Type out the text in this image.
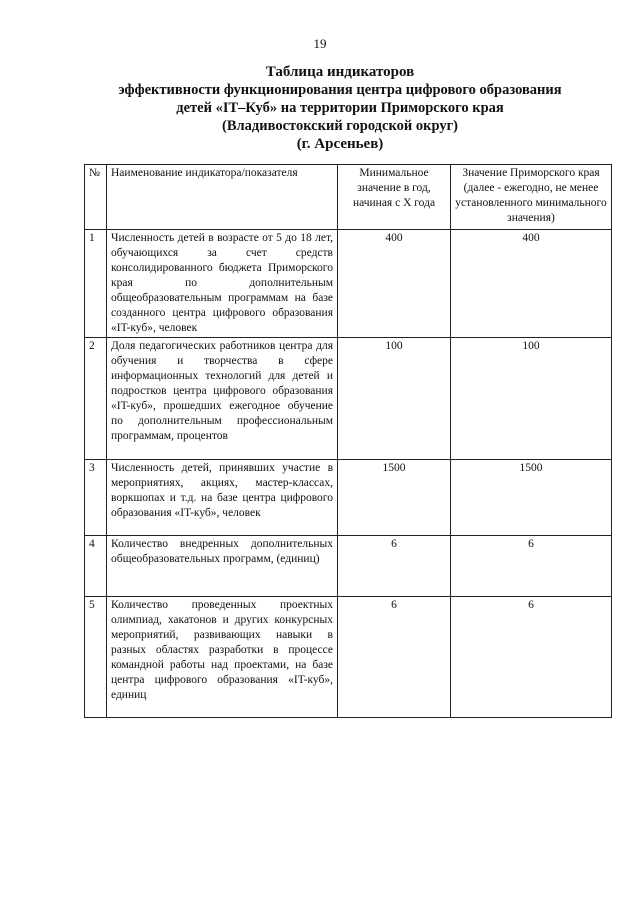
19
Таблица индикаторов
эффективности функционирования центра цифрового образования
детей «IT–Куб» на территории Приморского края
(Владивостокский городской округ)
(г. Арсеньев)
№	Наименование индикатора/показателя	Минимальное значение в год, начиная с Х года	Значение Приморского края (далее - ежегодно, не менее установленного минимального значения)
1	Численность детей в возрасте от 5 до 18 лет, обучающихся за счет средств консолидированного бюджета Приморского края по дополнительным общеобразовательным программам на базе созданного центра цифрового образования «IT-куб», человек	400	400
2	Доля педагогических работников центра для обучения и творчества в сфере информационных технологий для детей и подростков центра цифрового образования «IT-куб», прошедших ежегодное обучение по дополнительным профессиональным программам, процентов	100	100
3	Численность детей, принявших участие в мероприятиях, акциях, мастер-классах, воркшопах и т.д. на базе центра цифрового образования «IT-куб», человек	1500	1500
4	Количество внедренных дополнительных общеобразовательных программ, (единиц)	6	6
5	Количество проведенных проектных олимпиад, хакатонов и других конкурсных мероприятий, развивающих навыки в разных областях разработки в процессе командной работы над проектами, на базе центра цифрового образования «IT-куб», единиц	6	6
